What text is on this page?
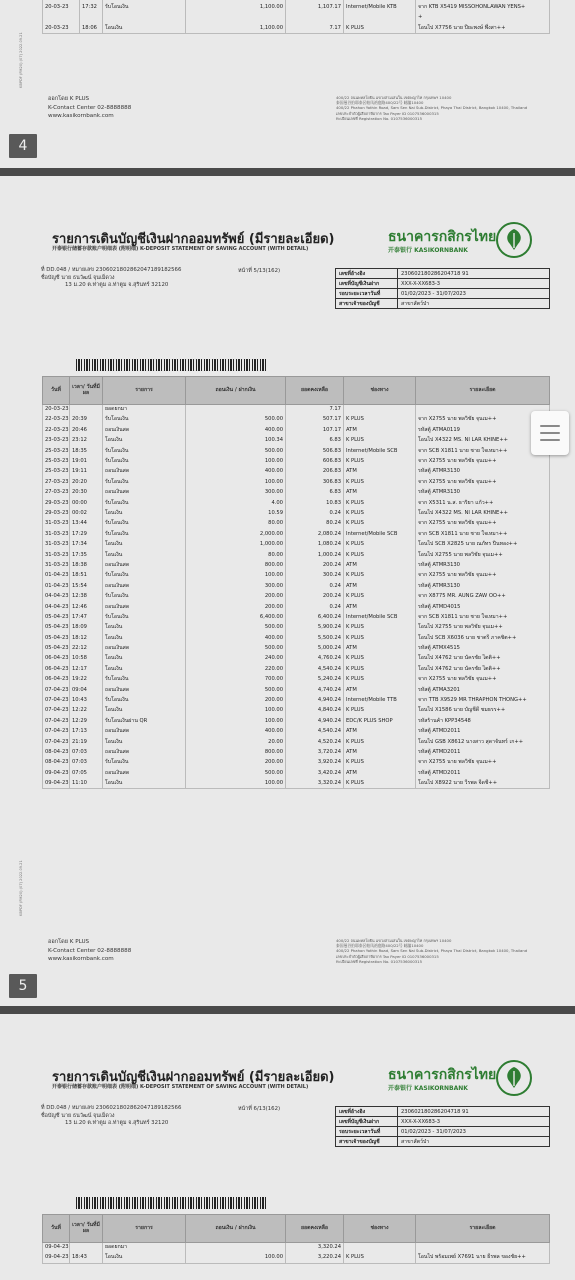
20-03-23	17:32	รับโอนเงิน	1,100.00	1,107.17	Internet/Mobile KTB	จาก KTB X5419 MISSOHONLAWAN YENS+
						+
20-03-23	18:06	โอนเงิน	1,100.00	7.17	K PLUS	โอนไป X7756 นาย ปียะพงษ์ พึ่งสา++
KBPDF (FM20) (07) 2022.09.21
ออกโดย K PLUS
K-Contact Center 02-8888888
www.kasikornbank.com
400/22 ถนนพหลโยธิน แขวงสามเสนใน เขตพญาไท กรุงเทพฯ 10400
泰国曼谷拍耶泰区帕凤裕庭路400/22号 邮编10400
400/22 Phahon Yothin Road, Sam Sen Nai Sub-District, Phaya Thai District, Bangkok 10400, Thailand
เลขประจำตัวผู้เสียภาษีอากร Tax Payer ID 0107536000315
ทะเบียนเลขที่ Registration No. 0107536000315
4
รายการเดินบัญชีเงินฝากออมทรัพย์ (มีรายละเอียด)
开泰银行储蓄存款账户明细表 (附明细) K-DEPOSIT STATEMENT OF SAVING ACCOUNT (WITH DETAIL)
ที่ DD.048 / หมายเลข 2306021802862047189182566
ชื่อบัญชี นาย ธนวัฒน์ จุนเม็ดวง
13 ม.20 ต.ท่าตูม อ.ท่าตูม จ.สุรินทร์ 32120
หน้าที่ 5/13(162)
ธนาคารกสิกรไทย
开泰银行 KASIKORNBANK
เลขที่อ้างอิง	230602180286204718 91
เลขที่บัญชีเงินฝาก	XXX-X-XX683-3
รอบระยะเวลาวันที่	01/02/2023 - 31/07/2023
สาขาเจ้าของบัญชี	สาขาสัตว์ป่า
วันที่	เวลา/ วันที่มีผล	รายการ	ถอนเงิน / ฝากเงิน	ยอดคงเหลือ	ช่องทาง	รายละเอียด
20-03-23		ยอดยกมา		7.17		
22-03-23	20:39	รับโอนเงิน	500.00	507.17	K PLUS	จาก X2755 นาย พลวิชัย จุนเม++
22-03-23	20:46	ถอนเงินสด	400.00	107.17	ATM	รหัสตู้ ATMA0119
23-03-23	23:12	โอนเงิน	100.34	6.83	K PLUS	โอนไป X4322 MS. NI LAR KHINE++
25-03-23	18:35	รับโอนเงิน	500.00	506.83	Internet/Mobile SCB	จาก SCB X1811 นาย ชาย ใจเหมา++
25-03-23	19:01	รับโอนเงิน	100.00	606.83	K PLUS	จาก X2755 นาย พลวิชัย จุนเม++
25-03-23	19:11	ถอนเงินสด	400.00	206.83	ATM	รหัสตู้ ATMR3130
27-03-23	20:20	รับโอนเงิน	100.00	306.83	K PLUS	จาก X2755 นาย พลวิชัย จุนเม++
27-03-23	20:30	ถอนเงินสด	300.00	6.83	ATM	รหัสตู้ ATMR3130
29-03-23	00:00	รับโอนเงิน	4.00	10.83	K PLUS	จาก X5311 น.ส. ธาริยา แก้ว++
29-03-23	00:02	โอนเงิน	10.59	0.24	K PLUS	โอนไป X4322 MS. NI LAR KHINE++
31-03-23	13:44	รับโอนเงิน	80.00	80.24	K PLUS	จาก X2755 นาย พลวิชัย จุนเม++
31-03-23	17:29	รับโอนเงิน	2,000.00	2,080.24	Internet/Mobile SCB	จาก SCB X1811 นาย ชาย ใจเหมา++
31-03-23	17:34	โอนเงิน	1,000.00	1,080.24	K PLUS	โอนไป SCB X2825 นาย ณภัทร ปิ่นทอง++
31-03-23	17:35	โอนเงิน	80.00	1,000.24	K PLUS	โอนไป X2755 นาย พลวิชัย จุนเม++
31-03-23	18:38	ถอนเงินสด	800.00	200.24	ATM	รหัสตู้ ATMR3130
01-04-23	18:51	รับโอนเงิน	100.00	300.24	K PLUS	จาก X2755 นาย พลวิชัย จุนเม++
01-04-23	15:54	ถอนเงินสด	300.00	0.24	ATM	รหัสตู้ ATMR3130
04-04-23	12:38	รับโอนเงิน	200.00	200.24	K PLUS	จาก X8775 MR. AUNG ZAW OO++
04-04-23	12:46	ถอนเงินสด	200.00	0.24	ATM	รหัสตู้ ATMD4015
05-04-23	17:47	รับโอนเงิน	6,400.00	6,400.24	Internet/Mobile SCB	จาก SCB X1811 นาย ชาย ใจเหมา++
05-04-23	18:09	โอนเงิน	500.00	5,900.24	K PLUS	โอนไป X2755 นาย พลวิชัย จุนเม++
05-04-23	18:12	โอนเงิน	400.00	5,500.24	K PLUS	โอนไป SCB X6036 นาย ชาตรี ภาคชิต++
05-04-23	22:12	ถอนเงินสด	500.00	5,000.24	ATM	รหัสตู้ ATMX4515
06-04-23	10:58	โอนเงิน	240.00	4,760.24	K PLUS	โอนไป X4762 นาย นัครชัย ไตติ++
06-04-23	12:17	โอนเงิน	220.00	4,540.24	K PLUS	โอนไป X4762 นาย นัครชัย ไตติ++
06-04-23	19:22	รับโอนเงิน	700.00	5,240.24	K PLUS	จาก X2755 นาย พลวิชัย จุนเม++
07-04-23	09:04	ถอนเงินสด	500.00	4,740.24	ATM	รหัสตู้ ATMA3201
07-04-23	10:43	รับโอนเงิน	200.00	4,940.24	Internet/Mobile TTB	จาก TTB X9529 MR THRAPHON THONG++
07-04-23	12:22	โอนเงิน	100.00	4,840.24	K PLUS	โอนไป X1586 นาย บัญชีดี ชมธรร++
07-04-23	12:29	รับโอนเงินผ่าน QR	100.00	4,940.24	EDC/K PLUS SHOP	รหัสร้านค้า KPP34548
07-04-23	17:13	ถอนเงินสด	400.00	4,540.24	ATM	รหัสตู้ ATMD2011
07-04-23	21:19	โอนเงิน	20.00	4,520.24	K PLUS	โอนไป GSB X8612 นางสาว สุดาจันทร์ เก++
08-04-23	07:03	ถอนเงินสด	800.00	3,720.24	ATM	รหัสตู้ ATMD2011
08-04-23	07:03	รับโอนเงิน	200.00	3,920.24	K PLUS	จาก X2755 นาย พลวิชัย จุนเม++
09-04-23	07:05	ถอนเงินสด	500.00	3,420.24	ATM	รหัสตู้ ATMD2011
09-04-23	11:10	โอนเงิน	100.00	3,320.24	K PLUS	โอนไป X8922 นาย วีรพล จีดชี++
KBPDF (FM20) (07) 2022.09.21
ออกโดย K PLUS
K-Contact Center 02-8888888
www.kasikornbank.com
400/22 ถนนพหลโยธิน แขวงสามเสนใน เขตพญาไท กรุงเทพฯ 10400
泰国曼谷拍耶泰区帕凤裕庭路400/22号 邮编10400
400/22 Phahon Yothin Road, Sam Sen Nai Sub-District, Phaya Thai District, Bangkok 10400, Thailand
เลขประจำตัวผู้เสียภาษีอากร Tax Payer ID 0107536000315
ทะเบียนเลขที่ Registration No. 0107536000315
5
รายการเดินบัญชีเงินฝากออมทรัพย์ (มีรายละเอียด)
开泰银行储蓄存款账户明细表 (附明细) K-DEPOSIT STATEMENT OF SAVING ACCOUNT (WITH DETAIL)
ที่ DD.048 / หมายเลข 2306021802862047189182566
ชื่อบัญชี นาย ธนวัฒน์ จุนเม็ดวง
13 ม.20 ต.ท่าตูม อ.ท่าตูม จ.สุรินทร์ 32120
หน้าที่ 6/13(162)
ธนาคารกสิกรไทย
开泰银行 KASIKORNBANK
เลขที่อ้างอิง	230602180286204718 91
เลขที่บัญชีเงินฝาก	XXX-X-XX683-3
รอบระยะเวลาวันที่	01/02/2023 - 31/07/2023
สาขาเจ้าของบัญชี	สาขาสัตว์ป่า
วันที่	เวลา/ วันที่มีผล	รายการ	ถอนเงิน / ฝากเงิน	ยอดคงเหลือ	ช่องทาง	รายละเอียด
09-04-23		ยอดยกมา		3,320.24		
09-04-23	18:43	โอนเงิน	100.00	3,220.24	K PLUS	โอนไป พร้อมเพย์ X7691 นาย ธีรพล ของชัย++
